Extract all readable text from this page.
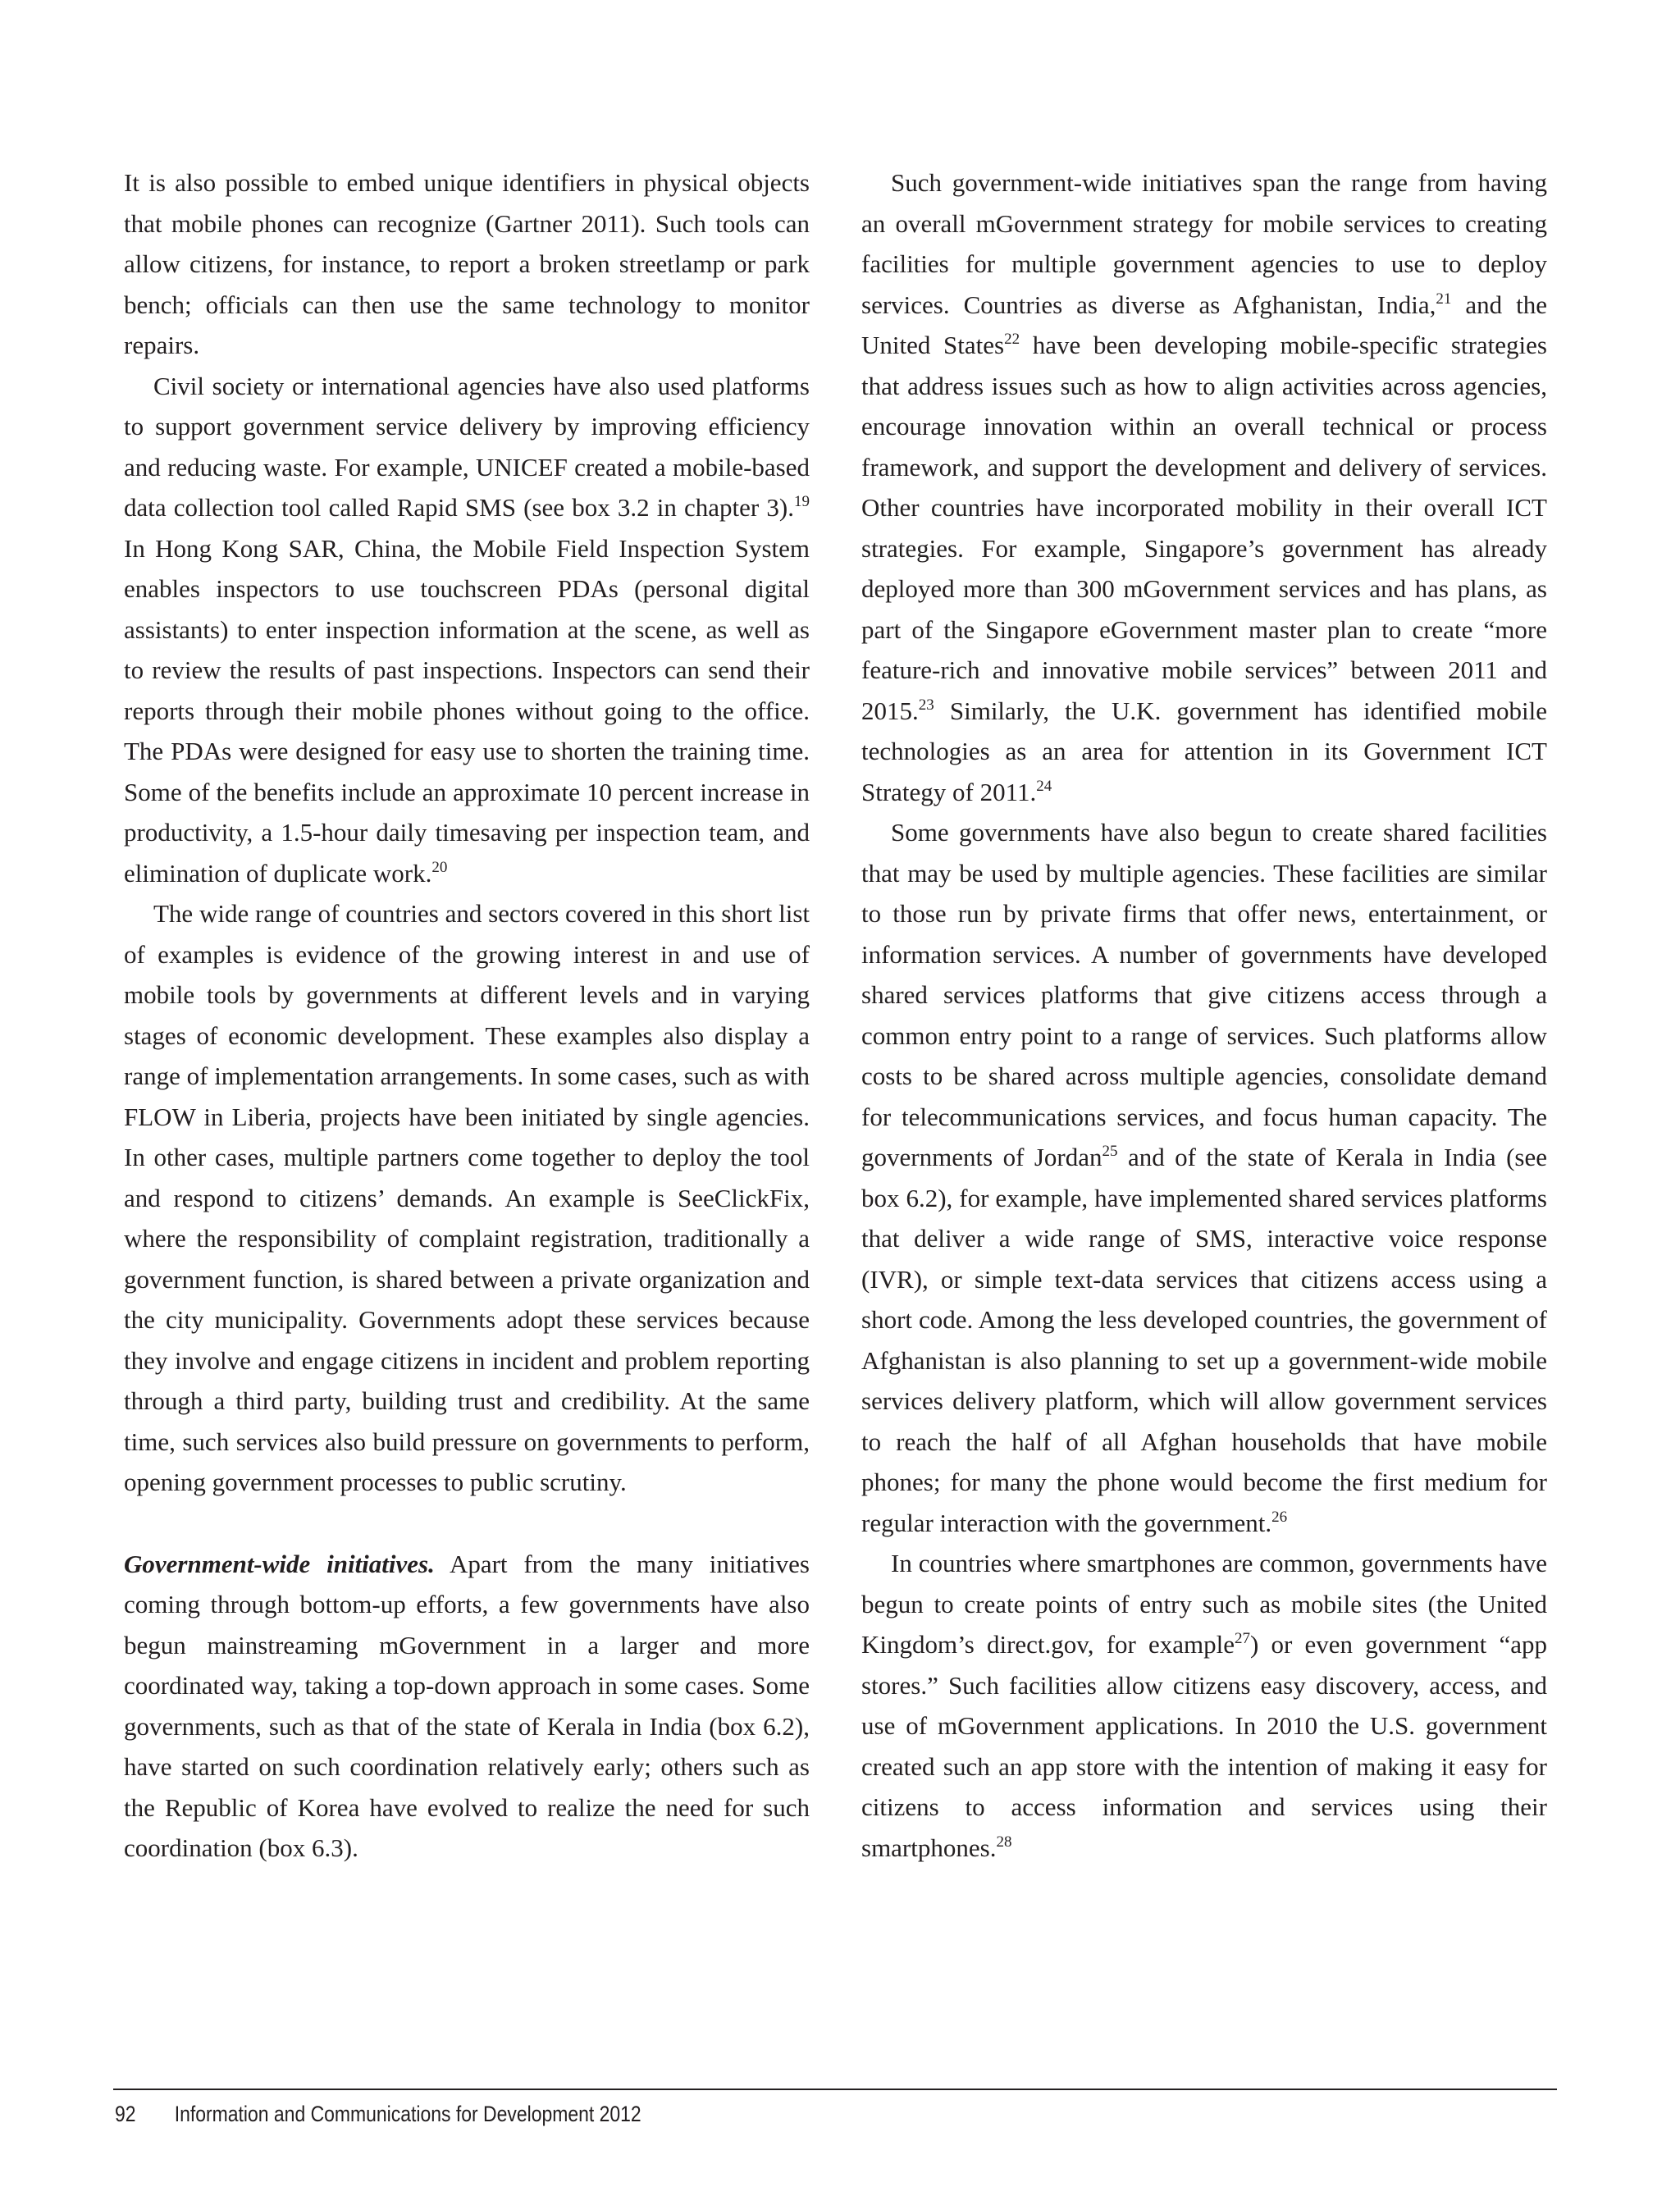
It is also possible to embed unique identifiers in physical objects that mobile phones can recognize (Gartner 2011). Such tools can allow citizens, for instance, to report a broken streetlamp or park bench; officials can then use the same technology to monitor repairs.

Civil society or international agencies have also used platforms to support government service delivery by improving efficiency and reducing waste. For example, UNICEF created a mobile-based data collection tool called Rapid SMS (see box 3.2 in chapter 3).$^{19}$ In Hong Kong SAR, China, the Mobile Field Inspection System enables inspectors to use touchscreen PDAs (personal digital assistants) to enter inspection information at the scene, as well as to review the results of past inspections. Inspectors can send their reports through their mobile phones without going to the office. The PDAs were designed for easy use to shorten the training time. Some of the benefits include an approximate 10 percent increase in productivity, a 1.5-hour daily timesaving per inspection team, and elimination of duplicate work.$^{20}$

The wide range of countries and sectors covered in this short list of examples is evidence of the growing interest in and use of mobile tools by governments at different levels and in varying stages of economic development. These examples also display a range of implementation arrangements. In some cases, such as with FLOW in Liberia, projects have been initiated by single agencies. In other cases, multiple partners come together to deploy the tool and respond to citizens’ demands. An example is SeeClickFix, where the responsibility of complaint registration, traditionally a government function, is shared between a private organization and the city municipality. Governments adopt these services because they involve and engage citizens in incident and problem reporting through a third party, building trust and credibility. At the same time, such services also build pressure on governments to perform, opening government processes to public scrutiny.

Government-wide initiatives. Apart from the many initiatives coming through bottom-up efforts, a few governments have also begun mainstreaming mGovernment in a larger and more coordinated way, taking a top-down approach in some cases. Some governments, such as that of the state of Kerala in India (box 6.2), have started on such coordination relatively early; others such as the Republic of Korea have evolved to realize the need for such coordination (box 6.3).

Such government-wide initiatives span the range from having an overall mGovernment strategy for mobile services to creating facilities for multiple government agencies to use to deploy services. Countries as diverse as Afghanistan, India,$^{21}$ and the United States$^{22}$ have been developing mobile-specific strategies that address issues such as how to align activities across agencies, encourage innovation within an overall technical or process framework, and support the development and delivery of services. Other countries have incorporated mobility in their overall ICT strategies. For example, Singapore’s government has already deployed more than 300 mGovernment services and has plans, as part of the Singapore eGovernment master plan to create “more feature-rich and innovative mobile services” between 2011 and 2015.23 Similarly, the U.K. government has identified mobile technologies as an area for attention in its Government ICT Strategy of 2011.24

Some governments have also begun to create shared facilities that may be used by multiple agencies. These facilities are similar to those run by private firms that offer news, entertainment, or information services. A number of governments have developed shared services platforms that give citizens access through a common entry point to a range of services. Such platforms allow costs to be shared across multiple agencies, consolidate demand for telecommunications services, and focus human capacity. The governments of Jordan$^{25}$ and of the state of Kerala in India (see box 6.2), for example, have implemented shared services platforms that deliver a wide range of SMS, interactive voice response (IVR), or simple text-data services that citizens access using a short code. Among the less developed countries, the government of Afghanistan is also planning to set up a government-wide mobile services delivery platform, which will allow government services to reach the half of all Afghan households that have mobile phones; for many the phone would become the first medium for regular interaction with the government.$^{26}$

In countries where smartphones are common, governments have begun to create points of entry such as mobile sites (the United Kingdom’s direct.gov, for example$^{27}$) or even government “app stores.” Such facilities allow citizens easy discovery, access, and use of mGovernment applications. In 2010 the U.S. government created such an app store with the intention of making it easy for citizens to access information and services using their smartphones.$^{28}$

92 Information and Communications for Development 2012
